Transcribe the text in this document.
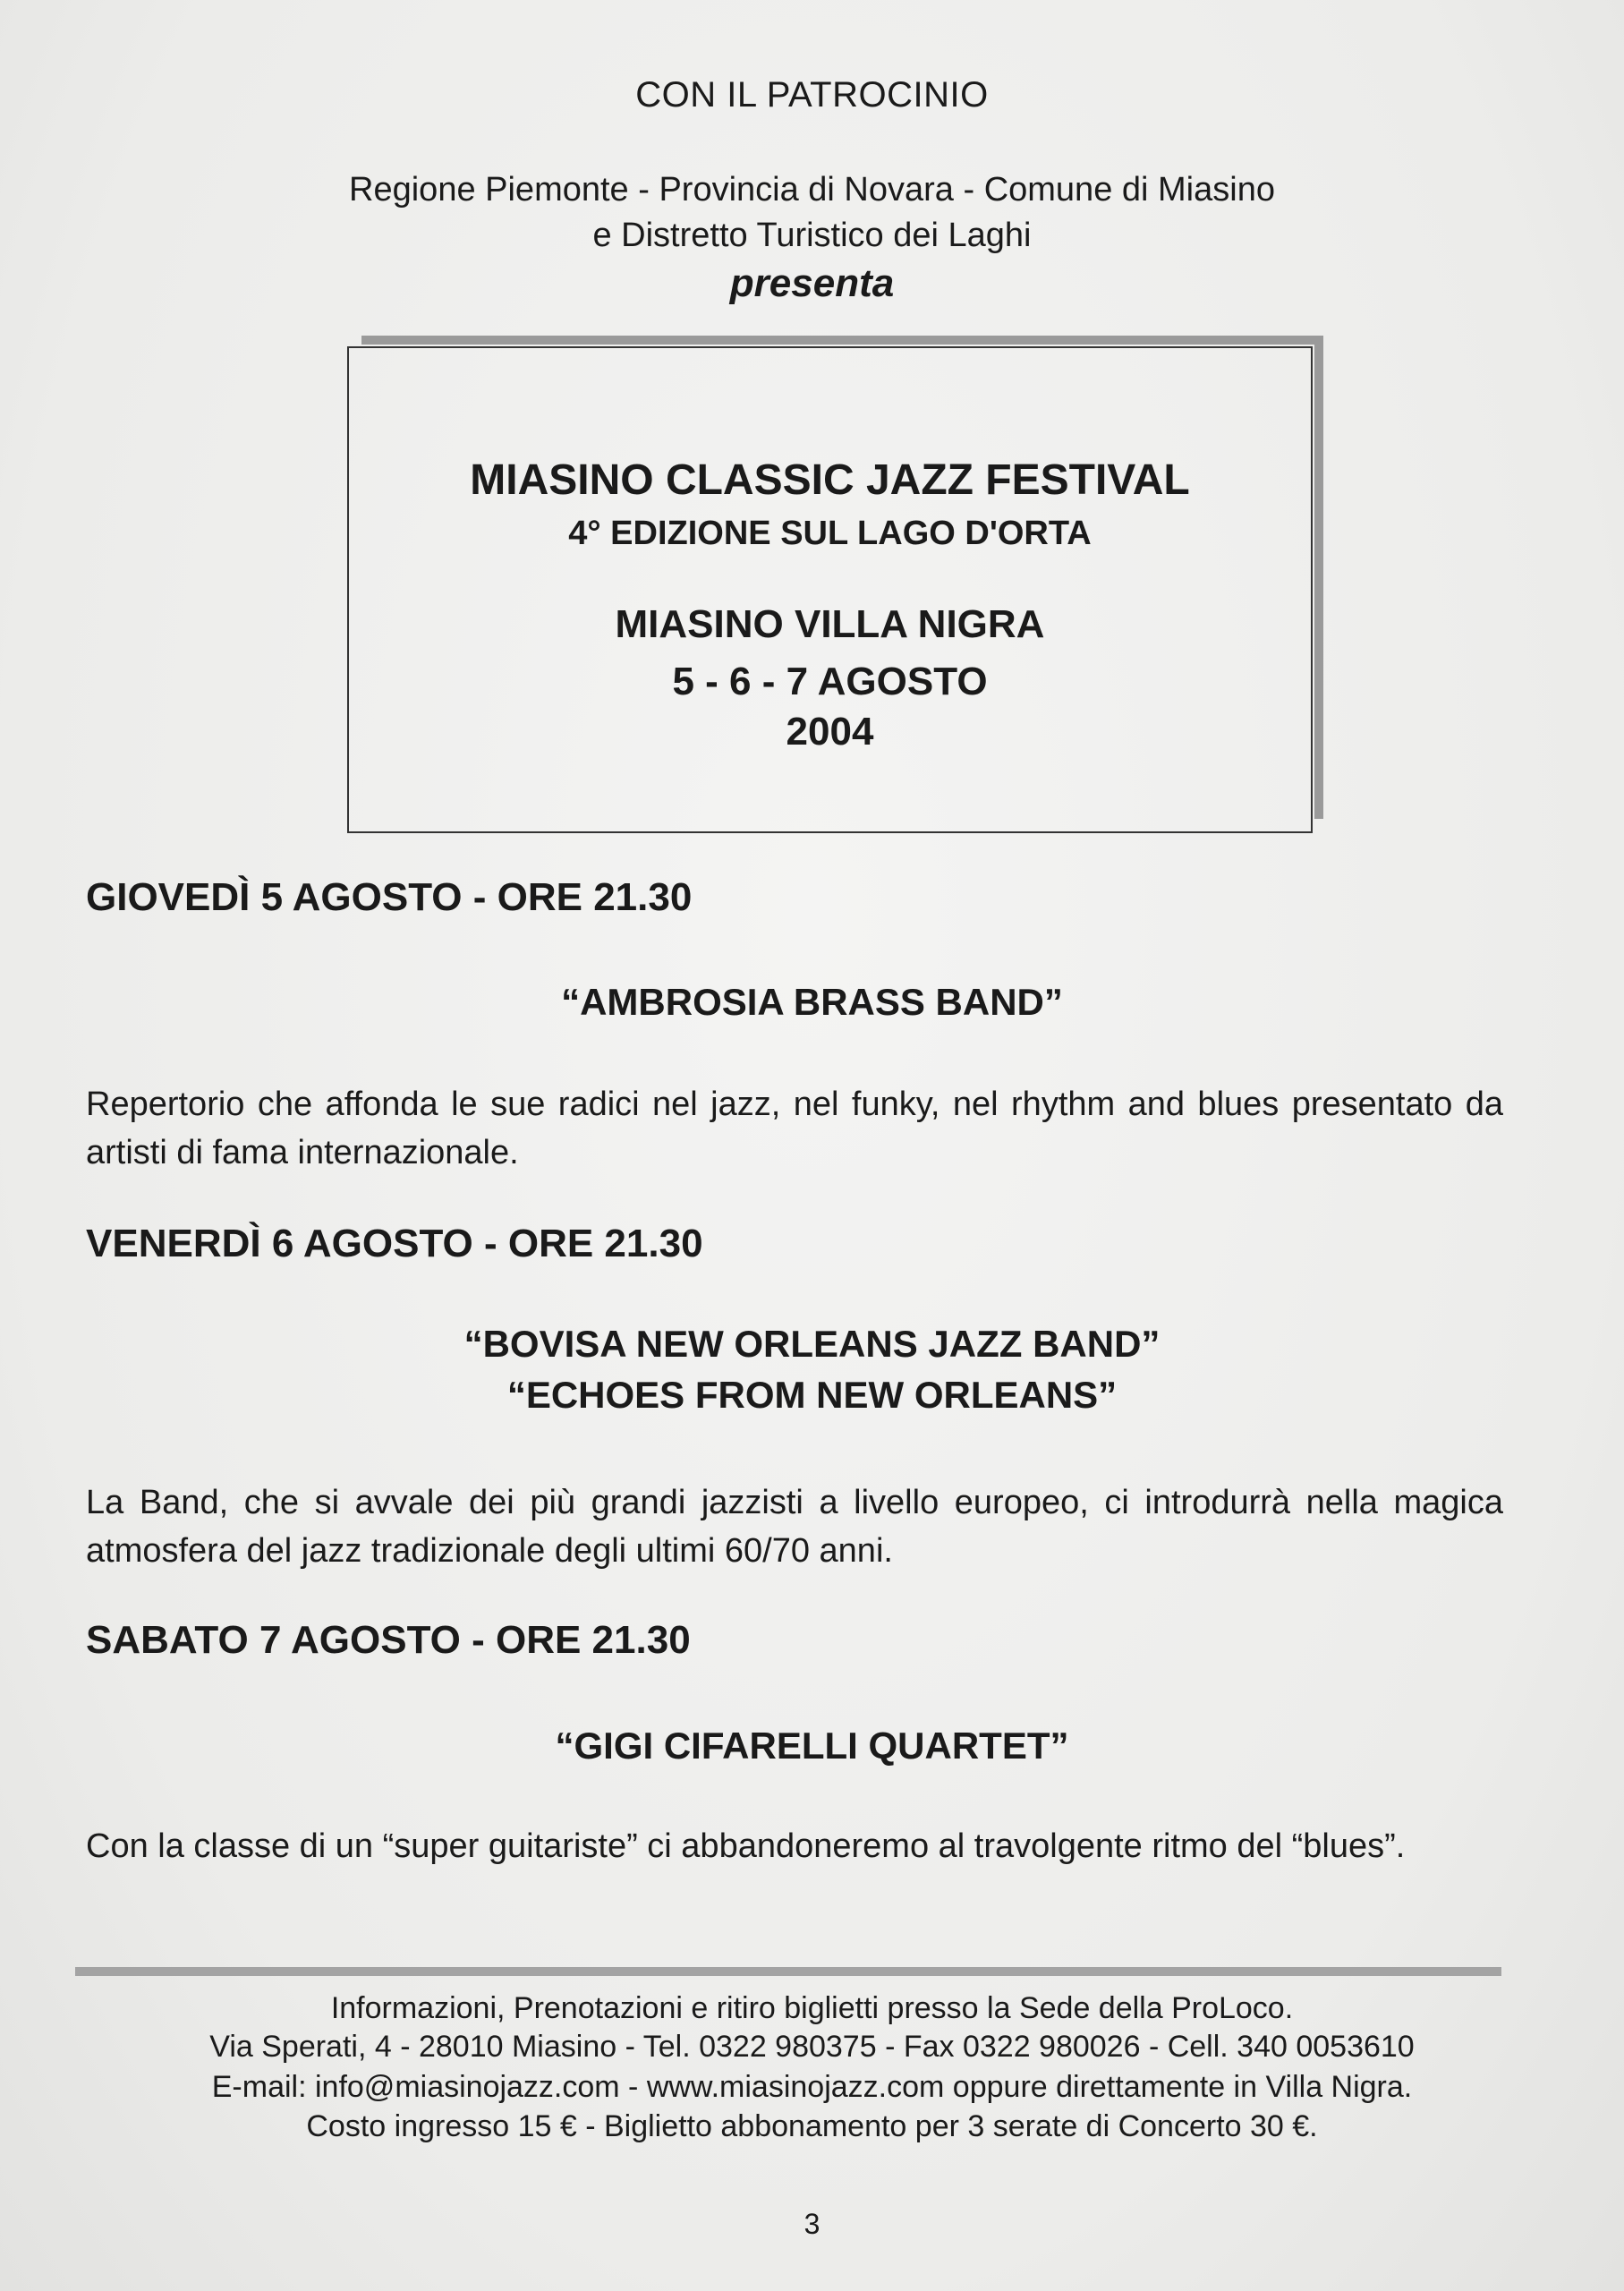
CON IL PATROCINIO
Regione Piemonte - Provincia di Novara - Comune di Miasino
e Distretto Turistico dei Laghi
presenta
MIASINO CLASSIC JAZZ FESTIVAL
4° EDIZIONE SUL LAGO D'ORTA
MIASINO VILLA NIGRA
5 - 6 - 7 AGOSTO
2004
GIOVEDÌ 5 AGOSTO - ORE 21.30
“AMBROSIA BRASS BAND”
Repertorio che affonda le sue radici nel jazz, nel funky, nel rhythm and blues presentato da artisti di fama internazionale.
VENERDÌ 6 AGOSTO - ORE 21.30
“BOVISA NEW ORLEANS JAZZ BAND”
“ECHOES FROM NEW ORLEANS”
La Band, che si avvale dei più grandi jazzisti a livello europeo, ci introdurrà nella magica atmosfera del jazz tradizionale degli ultimi 60/70 anni.
SABATO 7 AGOSTO - ORE 21.30
“GIGI CIFARELLI QUARTET”
Con la classe di un “super guitariste” ci abbandoneremo al travolgente ritmo del “blues”.
Informazioni, Prenotazioni e ritiro biglietti presso la Sede della ProLoco.
Via Sperati, 4 - 28010 Miasino - Tel. 0322 980375 - Fax 0322 980026 - Cell. 340 0053610
E-mail: info@miasinojazz.com - www.miasinojazz.com oppure direttamente in Villa Nigra.
Costo ingresso 15 € - Biglietto abbonamento per 3 serate di Concerto 30 €.
3
